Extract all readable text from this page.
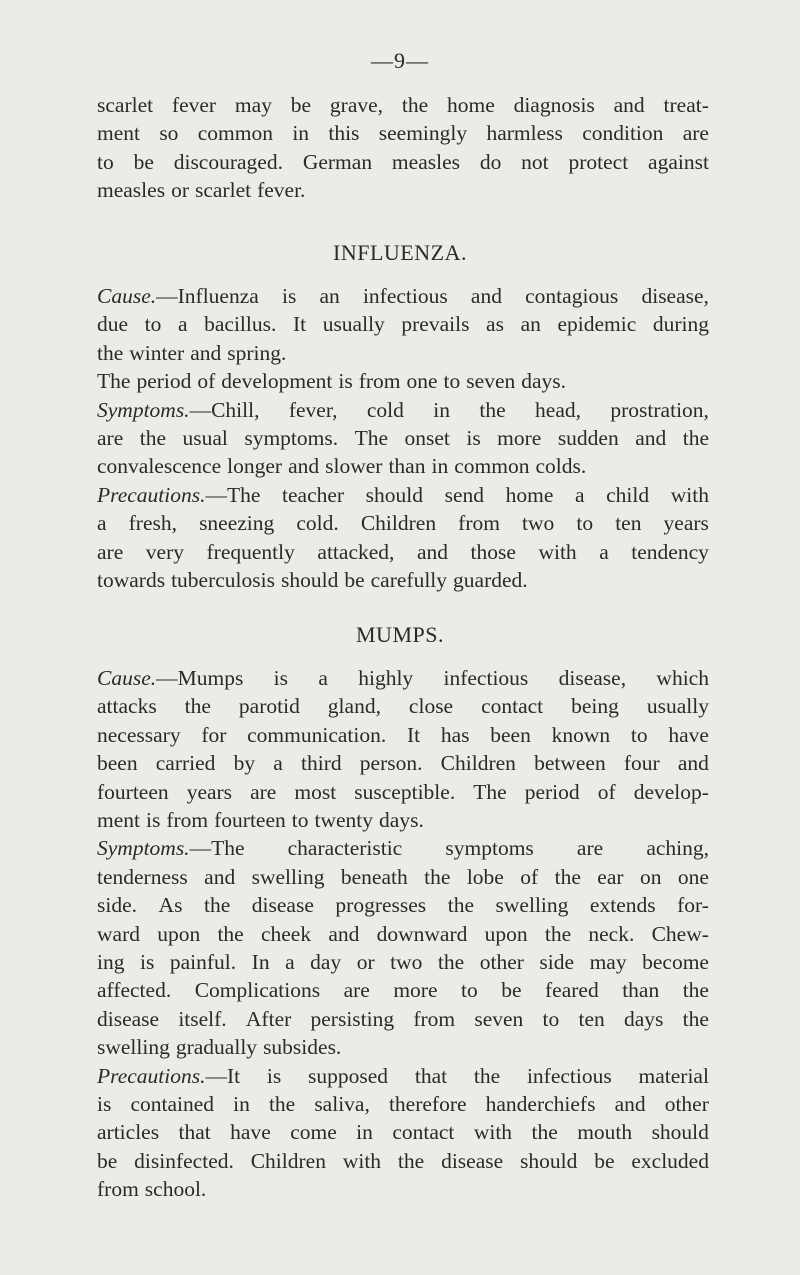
—9—
scarlet fever may be grave, the home diagnosis and treat-
ment so common in this seemingly harmless condition are
to be discouraged. German measles do not protect against
measles or scarlet fever.
INFLUENZA.
Cause.—Influenza is an infectious and contagious disease,
due to a bacillus. It usually prevails as an epidemic during
the winter and spring.
The period of development is from one to seven days.
Symptoms.—Chill, fever, cold in the head, prostration,
are the usual symptoms. The onset is more sudden and the
convalescence longer and slower than in common colds.
Precautions.—The teacher should send home a child with
a fresh, sneezing cold. Children from two to ten years
are very frequently attacked, and those with a tendency
towards tuberculosis should be carefully guarded.
MUMPS.
Cause.—Mumps is a highly infectious disease, which
attacks the parotid gland, close contact being usually
necessary for communication. It has been known to have
been carried by a third person. Children between four and
fourteen years are most susceptible. The period of develop-
ment is from fourteen to twenty days.
Symptoms.—The characteristic symptoms are aching,
tenderness and swelling beneath the lobe of the ear on one
side. As the disease progresses the swelling extends for-
ward upon the cheek and downward upon the neck. Chew-
ing is painful. In a day or two the other side may become
affected. Complications are more to be feared than the
disease itself. After persisting from seven to ten days the
swelling gradually subsides.
Precautions.—It is supposed that the infectious material
is contained in the saliva, therefore handerchiefs and other
articles that have come in contact with the mouth should
be disinfected. Children with the disease should be excluded
from school.
